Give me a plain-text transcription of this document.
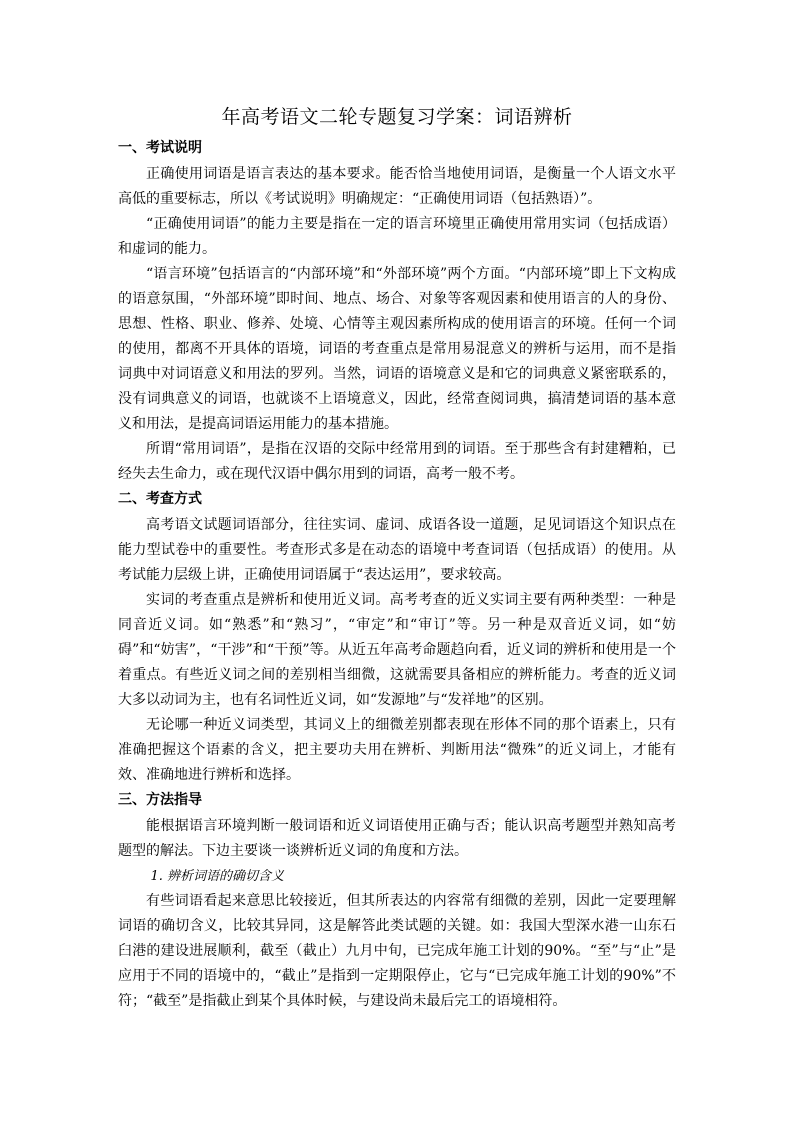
年高考语文二轮专题复习学案：词语辨析
一、考试说明

正确使用词语是语言表达的基本要求。能否恰当地使用词语，是衡量一个人语文水平高低的重要标志，所以《考试说明》明确规定：“正确使用词语（包括熟语）”。

“正确使用词语”的能力主要是指在一定的语言环境里正确使用常用实词（包括成语）和虚词的能力。

“语言环境”包括语言的“内部环境”和“外部环境”两个方面。“内部环境”即上下文构成的语意氛围，“外部环境”即时间、地点、场合、对象等客观因素和使用语言的人的身份、思想、性格、职业、修养、处境、心情等主观因素所构成的使用语言的环境。任何一个词的使用，都离不开具体的语境，词语的考查重点是常用易混意义的辨析与运用，而不是指词典中对词语意义和用法的罗列。当然，词语的语境意义是和它的词典意义紧密联系的，没有词典意义的词语，也就谈不上语境意义，因此，经常查阅词典，搞清楚词语的基本意义和用法，是提高词语运用能力的基本措施。

所谓“常用词语”，是指在汉语的交际中经常用到的词语。至于那些含有封建糟粕，已经失去生命力，或在现代汉语中偶尔用到的词语，高考一般不考。

二、考查方式

高考语文试题词语部分，往往实词、虚词、成语各设一道题，足见词语这个知识点在能力型试卷中的重要性。考查形式多是在动态的语境中考查词语（包括成语）的使用。从考试能力层级上讲，正确使用词语属于“表达运用”，要求较高。

实词的考查重点是辨析和使用近义词。高考考查的近义实词主要有两种类型：一种是同音近义词。如“熟悉”和“熟习”，“审定”和“审订”等。另一种是双音近义词，如“妨碍”和“妨害”，“干涉”和“干预”等。从近五年高考命题趋向看，近义词的辨析和使用是一个着重点。有些近义词之间的差别相当细微，这就需要具备相应的辨析能力。考查的近义词大多以动词为主，也有名词性近义词，如“发源地”与“发祥地”的区别。

无论哪一种近义词类型，其词义上的细微差别都表现在形体不同的那个语素上，只有准确把握这个语素的含义，把主要功夫用在辨析、判断用法“微殊”的近义词上，才能有效、准确地进行辨析和选择。

三、方法指导

能根据语言环境判断一般词语和近义词语使用正确与否；能认识高考题型并熟知高考题型的解法。下边主要谈一谈辨析近义词的角度和方法。

1. 辨析词语的确切含义

有些词语看起来意思比较接近，但其所表达的内容常有细微的差别，因此一定要理解词语的确切含义，比较其异同，这是解答此类试题的关键。如：我国大型深水港一山东石臼港的建设进展顺利，截至（截止）九月中旬，已完成年施工计划的90%。“至”与“止”是应用于不同的语境中的，“截止”是指到一定期限停止，它与“已完成年施工计划的90%”不符；“截至”是指截止到某个具体时候，与建设尚未最后完工的语境相符。
